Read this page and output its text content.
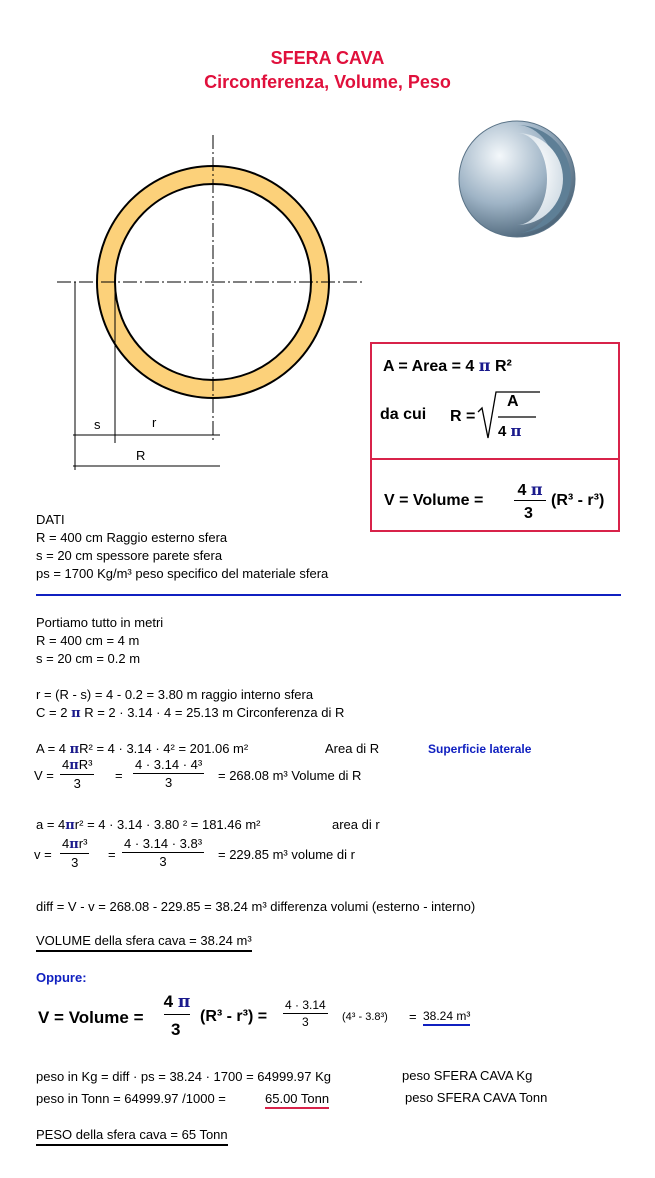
SFERA CAVA
Circonferenza, Volume, Peso
s	r
R
A = Area = 4 π R²
da cui R =
A
4 π
V = Volume =
4 π
3
(R³ - r³)
DATI
R = 400 cm Raggio esterno sfera
s = 20 cm spessore parete sfera
ps = 1700 Kg/m³ peso specifico del materiale sfera
Portiamo tutto in metri
R = 400 cm = 4 m
s = 20 cm = 0.2 m
r = (R - s) = 4 - 0.2 = 3.80 m raggio interno sfera
C = 2 π R = 2 · 3.14 · 4 = 25.13 m Circonferenza di R
A = 4 πR² = 4 · 3.14 · 4² = 201.06 m²	Area di R	Superficie laterale
$V = \frac{\text{4πR³}}{3} = \frac{\text{4 · 3.14 · 4³}}{3} = 268.08$ m³ Volume di R
a = 4πr² = 4 · 3.14 · 3.80 ² = 181.46 m²	area di r
$v = \frac{\text{4πr³}}{3} = \frac{\text{4 · 3.14 · 3.8³}}{3} = 229.85$ m³ volume di r
diff = V - v = 268.08 - 229.85 = 38.24 m³ differenza volumi (esterno - interno)
VOLUME della sfera cava = 38.24 m³
Oppure:
V = Volume =
4 π
3
$(R^3 - r^3) = \frac{4 \cdot 3.14}{3} (4^3 - 3.8^3) = 38.24$ m³
peso in Kg = diff · ps = 38.24 · 1700 = 64999.97 Kg	peso SFERA CAVA Kg
peso in Tonn = 64999.97 /1000 =	65.00 Tonn	peso SFERA CAVA Tonn
PESO della sfera cava = 65 Tonn
